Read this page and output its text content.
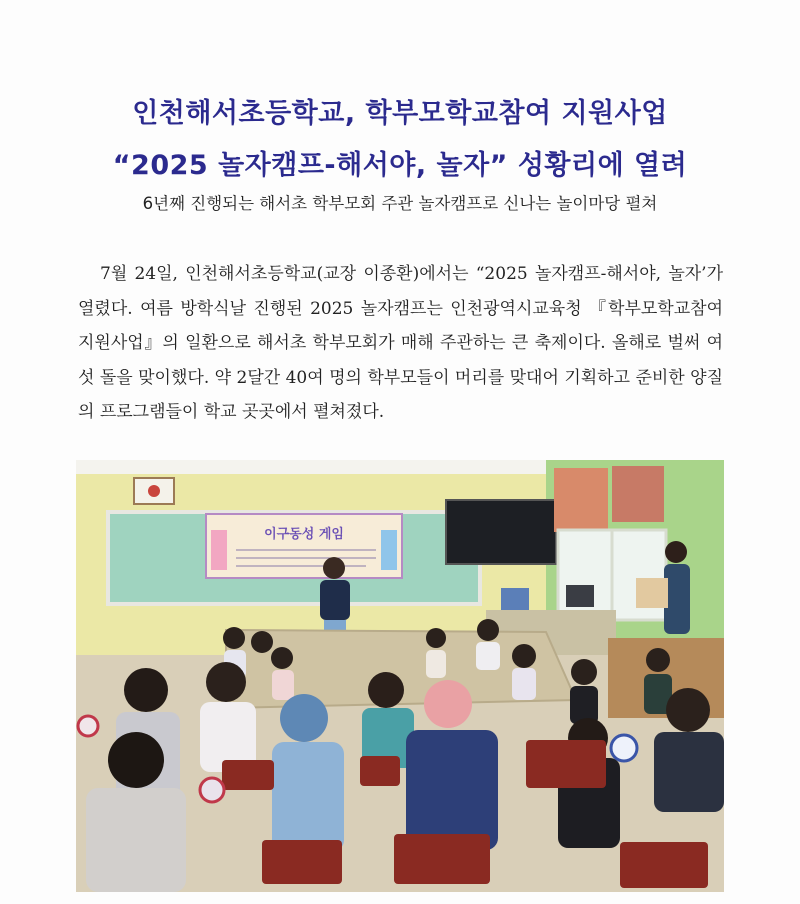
인천해서초등학교, 학부모학교참여 지원사업
“2025 놀자캠프-해서야, 놀자” 성황리에 열려
6년째 진행되는 해서초 학부모회 주관 놀자캠프로 신나는 놀이마당 펼쳐

7월 24일, 인천해서초등학교(교장 이종환)에서는 “2025 놀자캠프-해서야, 놀자’가 열렸다. 여름 방학식날 진행된 2025 놀자캠프는 인천광역시교육청 『학부모학교참여지원사업』의 일환으로 해서초 학부모회가 매해 주관하는 큰 축제이다. 올해로 벌써 여섯 돌을 맞이했다. 약 2달간 40여 명의 학부모들이 머리를 맞대어 기획하고 준비한 양질의 프로그램들이 학교 곳곳에서 펼쳐졌다.

이구동성 게임
